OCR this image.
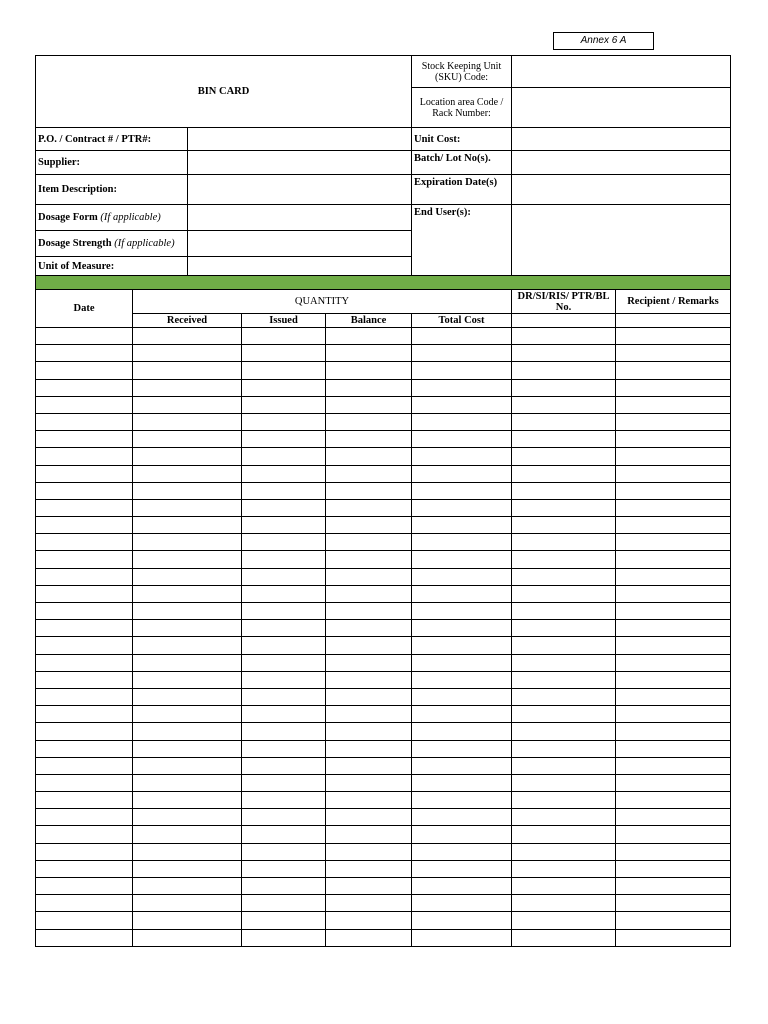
Annex 6 A
BIN CARD		Stock Keeping Unit (SKU) Code:	
		Location area Code / Rack Number:	
P.O. / Contract # / PTR#:		Unit Cost:	
Supplier:		Batch/ Lot No(s).	
Item Description:		Expiration Date(s)	
Dosage Form (If applicable)		End User(s):	
Dosage Strength (If applicable)			
Unit of Measure:			

Date	QUANTITY				DR/SI/RIS/ PTR/BL No.	Recipient / Remarks
	Received	Issued	Balance	Total Cost		
